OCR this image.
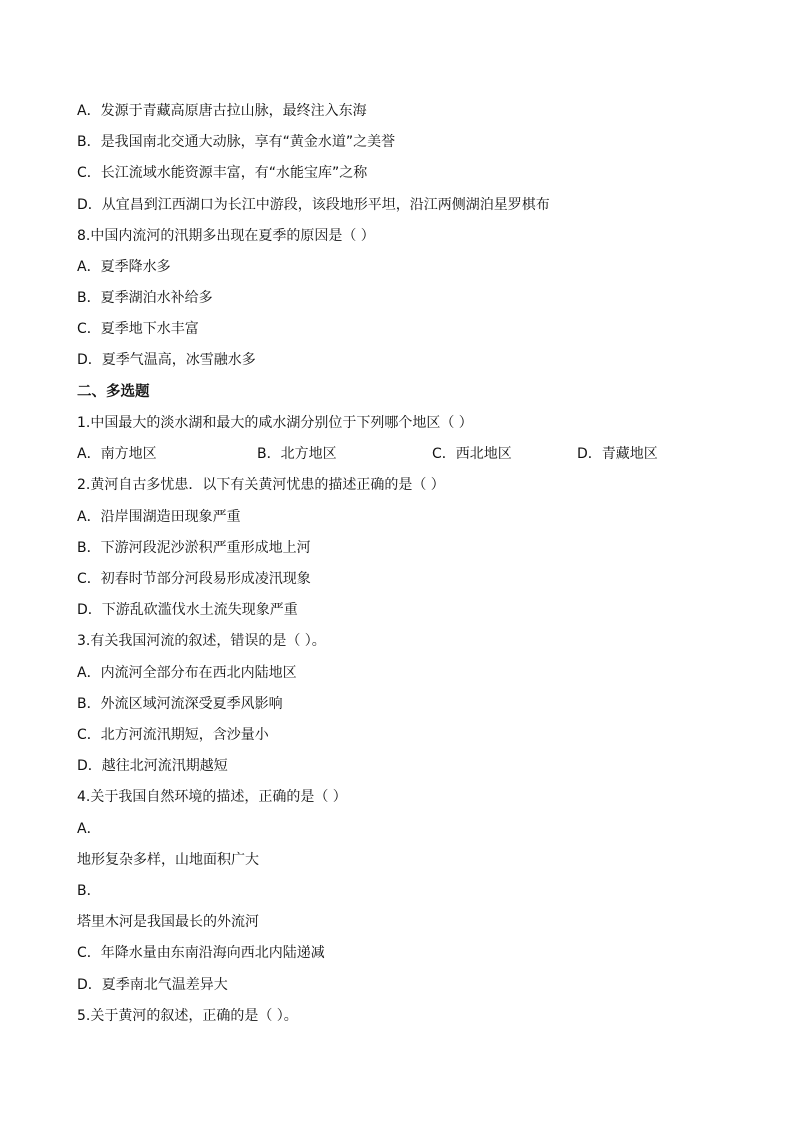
A．发源于青藏高原唐古拉山脉，最终注入东海
B．是我国南北交通大动脉，享有“黄金水道”之美誉
C．长江流域水能资源丰富，有“水能宝库”之称
D．从宜昌到江西湖口为长江中游段，该段地形平坦，沿江两侧湖泊星罗棋布
8.中国内流河的汛期多出现在夏季的原因是（ ）
A．夏季降水多
B．夏季湖泊水补给多
C．夏季地下水丰富
D．夏季气温高，冰雪融水多
二、多选题
1.中国最大的淡水湖和最大的咸水湖分别位于下列哪个地区（ ）
A．南方地区	B．北方地区	C．西北地区	D．青藏地区
2.黄河自古多忧患．以下有关黄河忧患的描述正确的是（ ）
A．沿岸围湖造田现象严重
B．下游河段泥沙淤积严重形成地上河
C．初春时节部分河段易形成凌汛现象
D．下游乱砍滥伐水土流失现象严重
3.有关我国河流的叙述，错误的是（ ）。
A．内流河全部分布在西北内陆地区
B．外流区域河流深受夏季风影响
C．北方河流汛期短，含沙量小
D．越往北河流汛期越短
4.关于我国自然环境的描述，正确的是（ ）
A．
地形复杂多样，山地面积广大
B．
塔里木河是我国最长的外流河
C．年降水量由东南沿海向西北内陆递减
D．夏季南北气温差异大
5.关于黄河的叙述，正确的是（ ）。
